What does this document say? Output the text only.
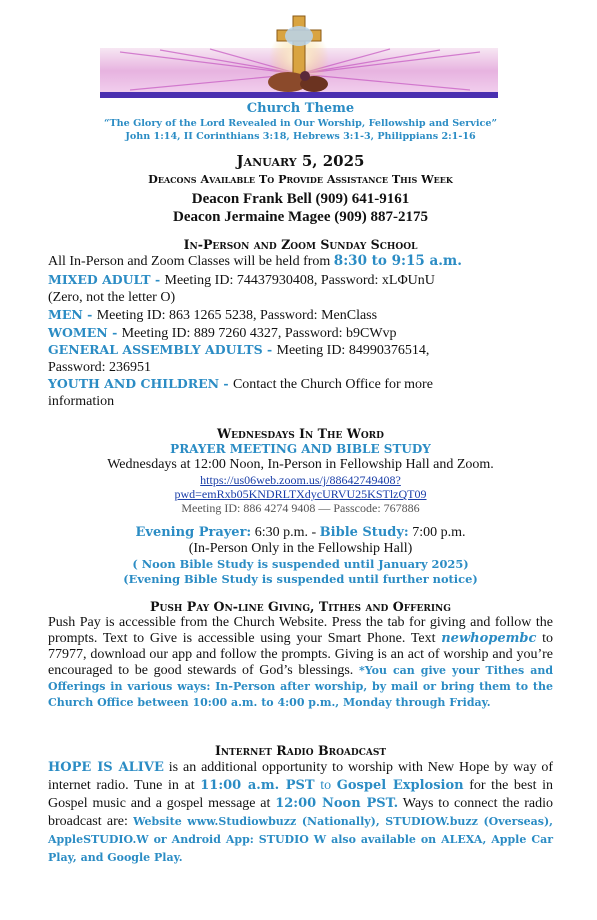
Church Theme
“The Glory of the Lord Revealed in Our Worship, Fellowship and Service”
John 1:14, II Corinthians 3:18, Hebrews 3:1-3, Philippians 2:1-16
January 5, 2025
Deacons Available To Provide Assistance This Week
Deacon Frank Bell (909) 641-9161
Deacon Jermaine Magee (909) 887-2175
In-Person and Zoom Sunday School
All In-Person and Zoom Classes will be held from 8:30 to 9:15 a.m.
MIXED ADULT - Meeting ID: 74437930408, Password: xLΦUnU
(Zero, not the letter O)
MEN - Meeting ID: 863 1265 5238, Password: MenClass
WOMEN - Meeting ID: 889 7260 4327, Password: b9CWvp
GENERAL ASSEMBLY ADULTS - Meeting ID: 84990376514,
Password: 236951
YOUTH AND CHILDREN - Contact the Church Office for more
information
Wednesdays In The Word
PRAYER MEETING AND BIBLE STUDY
Wednesdays at 12:00 Noon, In-Person in Fellowship Hall and Zoom.
https://us06web.zoom.us/j/88642749408?
pwd=emRxb05KNDRLTXdycURVU25KSTlzQT09
Meeting ID: 886 4274 9408 — Passcode: 767886
Evening Prayer: 6:30 p.m. - Bible Study: 7:00 p.m.
(In-Person Only in the Fellowship Hall)
( Noon Bible Study is suspended until January 2025)
(Evening Bible Study is suspended until further notice)
Push Pay On-line Giving, Tithes and Offering
Push Pay is accessible from the Church Website. Press the tab for giving and follow the prompts. Text to Give is accessible using your Smart Phone. Text newhopembc to 77977, download our app and follow the prompts. Giving is an act of worship and you’re encouraged to be good stewards of God’s blessings. *You can give your Tithes and Offerings in various ways: In-Person after worship, by mail or bring them to the Church Office between 10:00 a.m. to 4:00 p.m., Monday through Friday.
Internet Radio Broadcast
HOPE IS ALIVE is an additional opportunity to worship with New Hope by way of internet radio. Tune in at 11:00 a.m. PST to Gospel Explosion for the best in Gospel music and a gospel message at 12:00 Noon PST. Ways to connect the radio broadcast are: Website www.Studiowbuzz (Nationally), STUDIOW.buzz (Overseas), AppleSTUDIO.W or Android App: STUDIO W also available on ALEXA, Apple Car Play, and Google Play.
